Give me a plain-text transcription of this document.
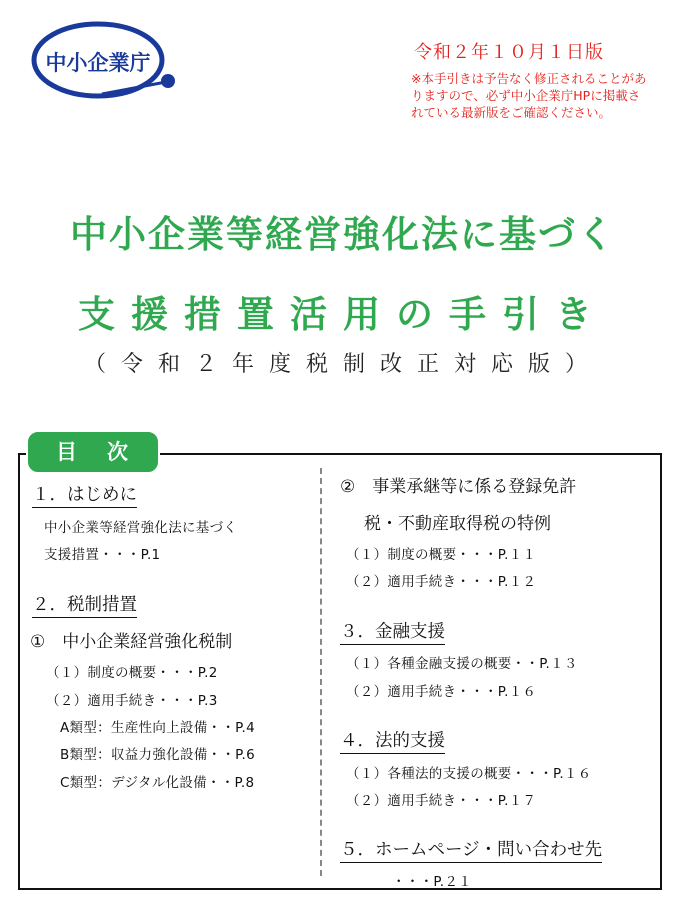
中小企業庁	令和２年１０月１日版
※本手引きは予告なく修正されることがありますので、必ず中小企業庁HPに掲載されている最新版をご確認ください。
中小企業等経営強化法に基づく
支援措置活用の手引き
（令和２年度税制改正対応版）
目次
１．はじめに
中小企業等経営強化法に基づく
支援措置・・・P.1
２．税制措置
①　中小企業経営強化税制
（１）制度の概要・・・P.2
（２）適用手続き・・・P.3
A類型：生産性向上設備・・P.4
B類型：収益力強化設備・・P.6
C類型：デジタル化設備・・P.8
②　事業承継等に係る登録免許
税・不動産取得税の特例
（１）制度の概要・・・P.１１
（２）適用手続き・・・P.１２
３．金融支援
（１）各種金融支援の概要・・P.１３
（２）適用手続き・・・P.１６
４．法的支援
（１）各種法的支援の概要・・・P.１６
（２）適用手続き・・・P.１７
５．ホームページ・問い合わせ先
・・・P.２１
